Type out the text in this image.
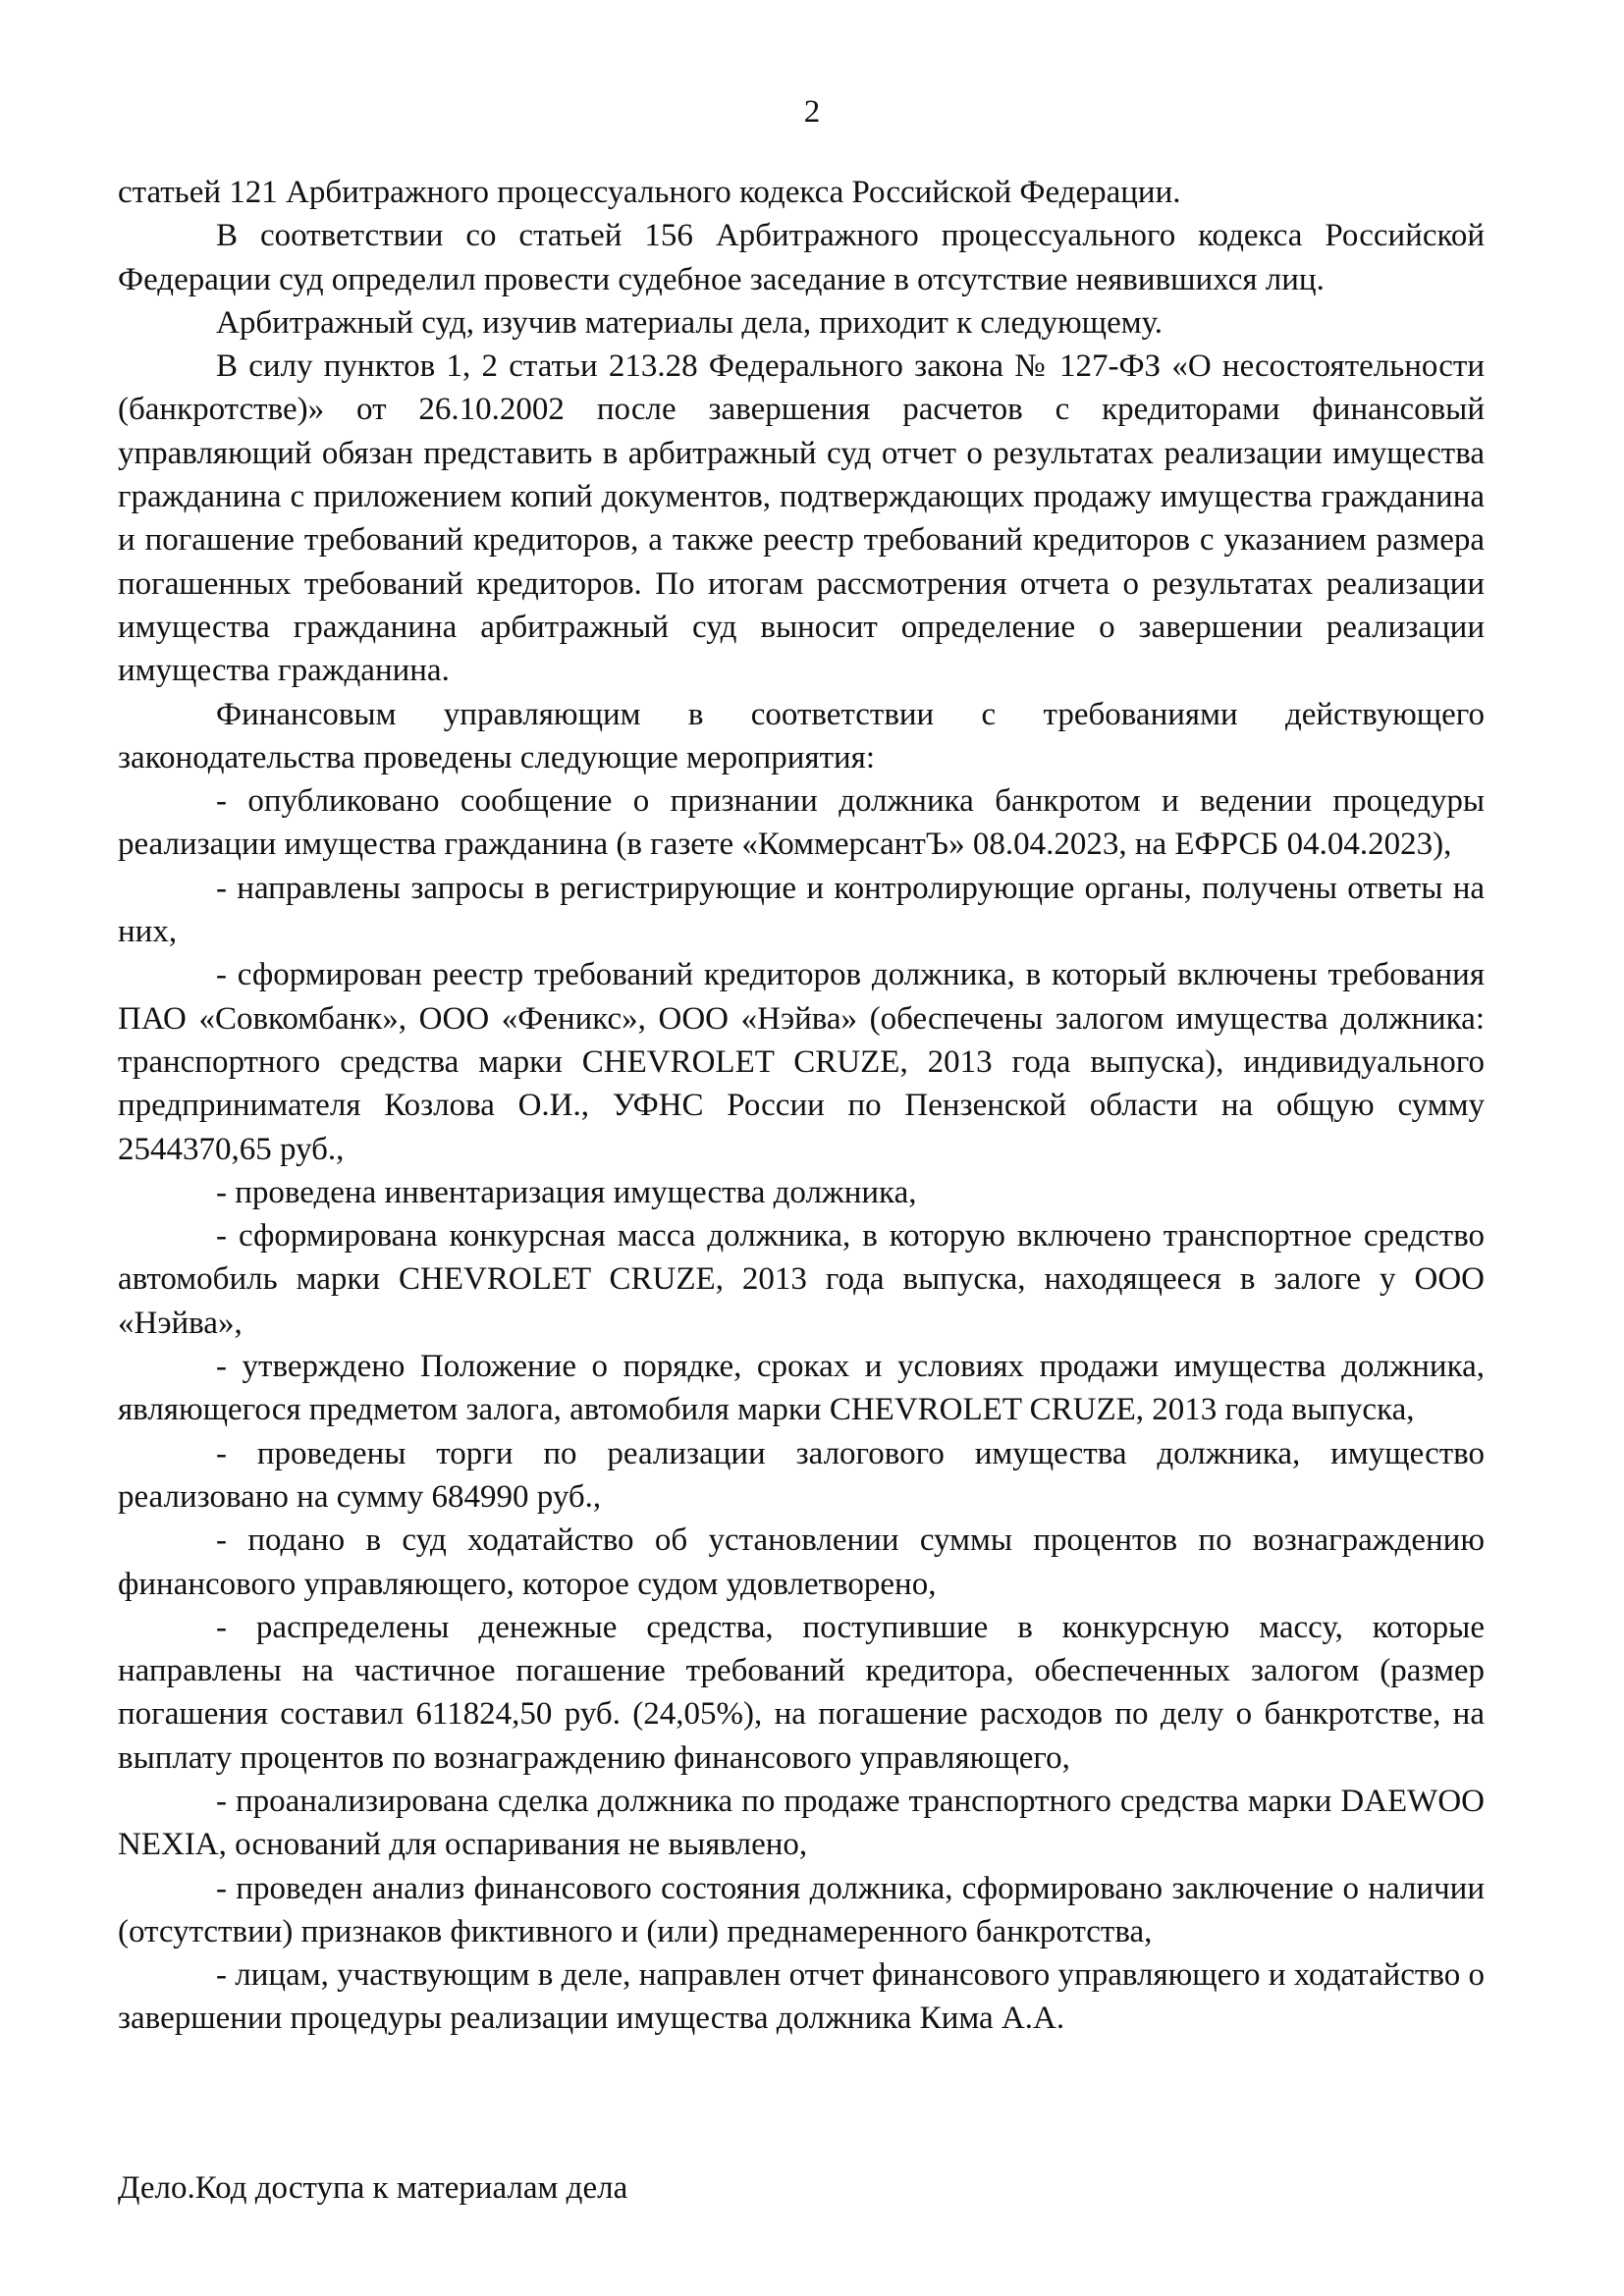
2

статьей 121 Арбитражного процессуального кодекса Российской Федерации.

В соответствии со статьей 156 Арбитражного процессуального кодекса Российской Федерации суд определил провести судебное заседание в отсутствие неявившихся лиц.

Арбитражный суд, изучив материалы дела, приходит к следующему.

В силу пунктов 1, 2 статьи 213.28 Федерального закона № 127-ФЗ «О несостоятельности (банкротстве)» от 26.10.2002 после завершения расчетов с кредиторами финансовый управляющий обязан представить в арбитражный суд отчет о результатах реализации имущества гражданина с приложением копий документов, подтверждающих продажу имущества гражданина и погашение требований кредиторов, а также реестр требований кредиторов с указанием размера погашенных требований кредиторов. По итогам рассмотрения отчета о результатах реализации имущества гражданина арбитражный суд выносит определение о завершении реализации имущества гражданина.

Финансовым управляющим в соответствии с требованиями действующего законодательства проведены следующие мероприятия:

- опубликовано сообщение о признании должника банкротом и ведении процедуры реализации имущества гражданина (в газете «КоммерсантЪ» 08.04.2023, на ЕФРСБ 04.04.2023),

- направлены запросы в регистрирующие и контролирующие органы, получены ответы на них,

- сформирован реестр требований кредиторов должника, в который включены требования ПАО «Совкомбанк», ООО «Феникс», ООО «Нэйва» (обеспечены залогом имущества должника: транспортного средства марки CHEVROLET CRUZE, 2013 года выпуска), индивидуального предпринимателя Козлова О.И., УФНС России по Пензенской области на общую сумму 2544370,65 руб.,

- проведена инвентаризация имущества должника,

- сформирована конкурсная масса должника, в которую включено транспортное средство автомобиль марки CHEVROLET CRUZE, 2013 года выпуска, находящееся в залоге у ООО «Нэйва»,

- утверждено Положение о порядке, сроках и условиях продажи имущества должника, являющегося предметом залога, автомобиля марки CHEVROLET CRUZE, 2013 года выпуска,

- проведены торги по реализации залогового имущества должника, имущество реализовано на сумму 684990 руб.,

- подано в суд ходатайство об установлении суммы процентов по вознаграждению финансового управляющего, которое судом удовлетворено,

- распределены денежные средства, поступившие в конкурсную массу, которые направлены на частичное погашение требований кредитора, обеспеченных залогом (размер погашения составил 611824,50 руб. (24,05%), на погашение расходов по делу о банкротстве, на выплату процентов по вознаграждению финансового управляющего,

- проанализирована сделка должника по продаже транспортного средства марки DAEWOO NEXIA, оснований для оспаривания не выявлено,

- проведен анализ финансового состояния должника, сформировано заключение о наличии (отсутствии) признаков фиктивного и (или) преднамеренного банкротства,

- лицам, участвующим в деле, направлен отчет финансового управляющего и ходатайство о завершении процедуры реализации имущества должника Кима А.А.

Дело.Код доступа к материалам дела
